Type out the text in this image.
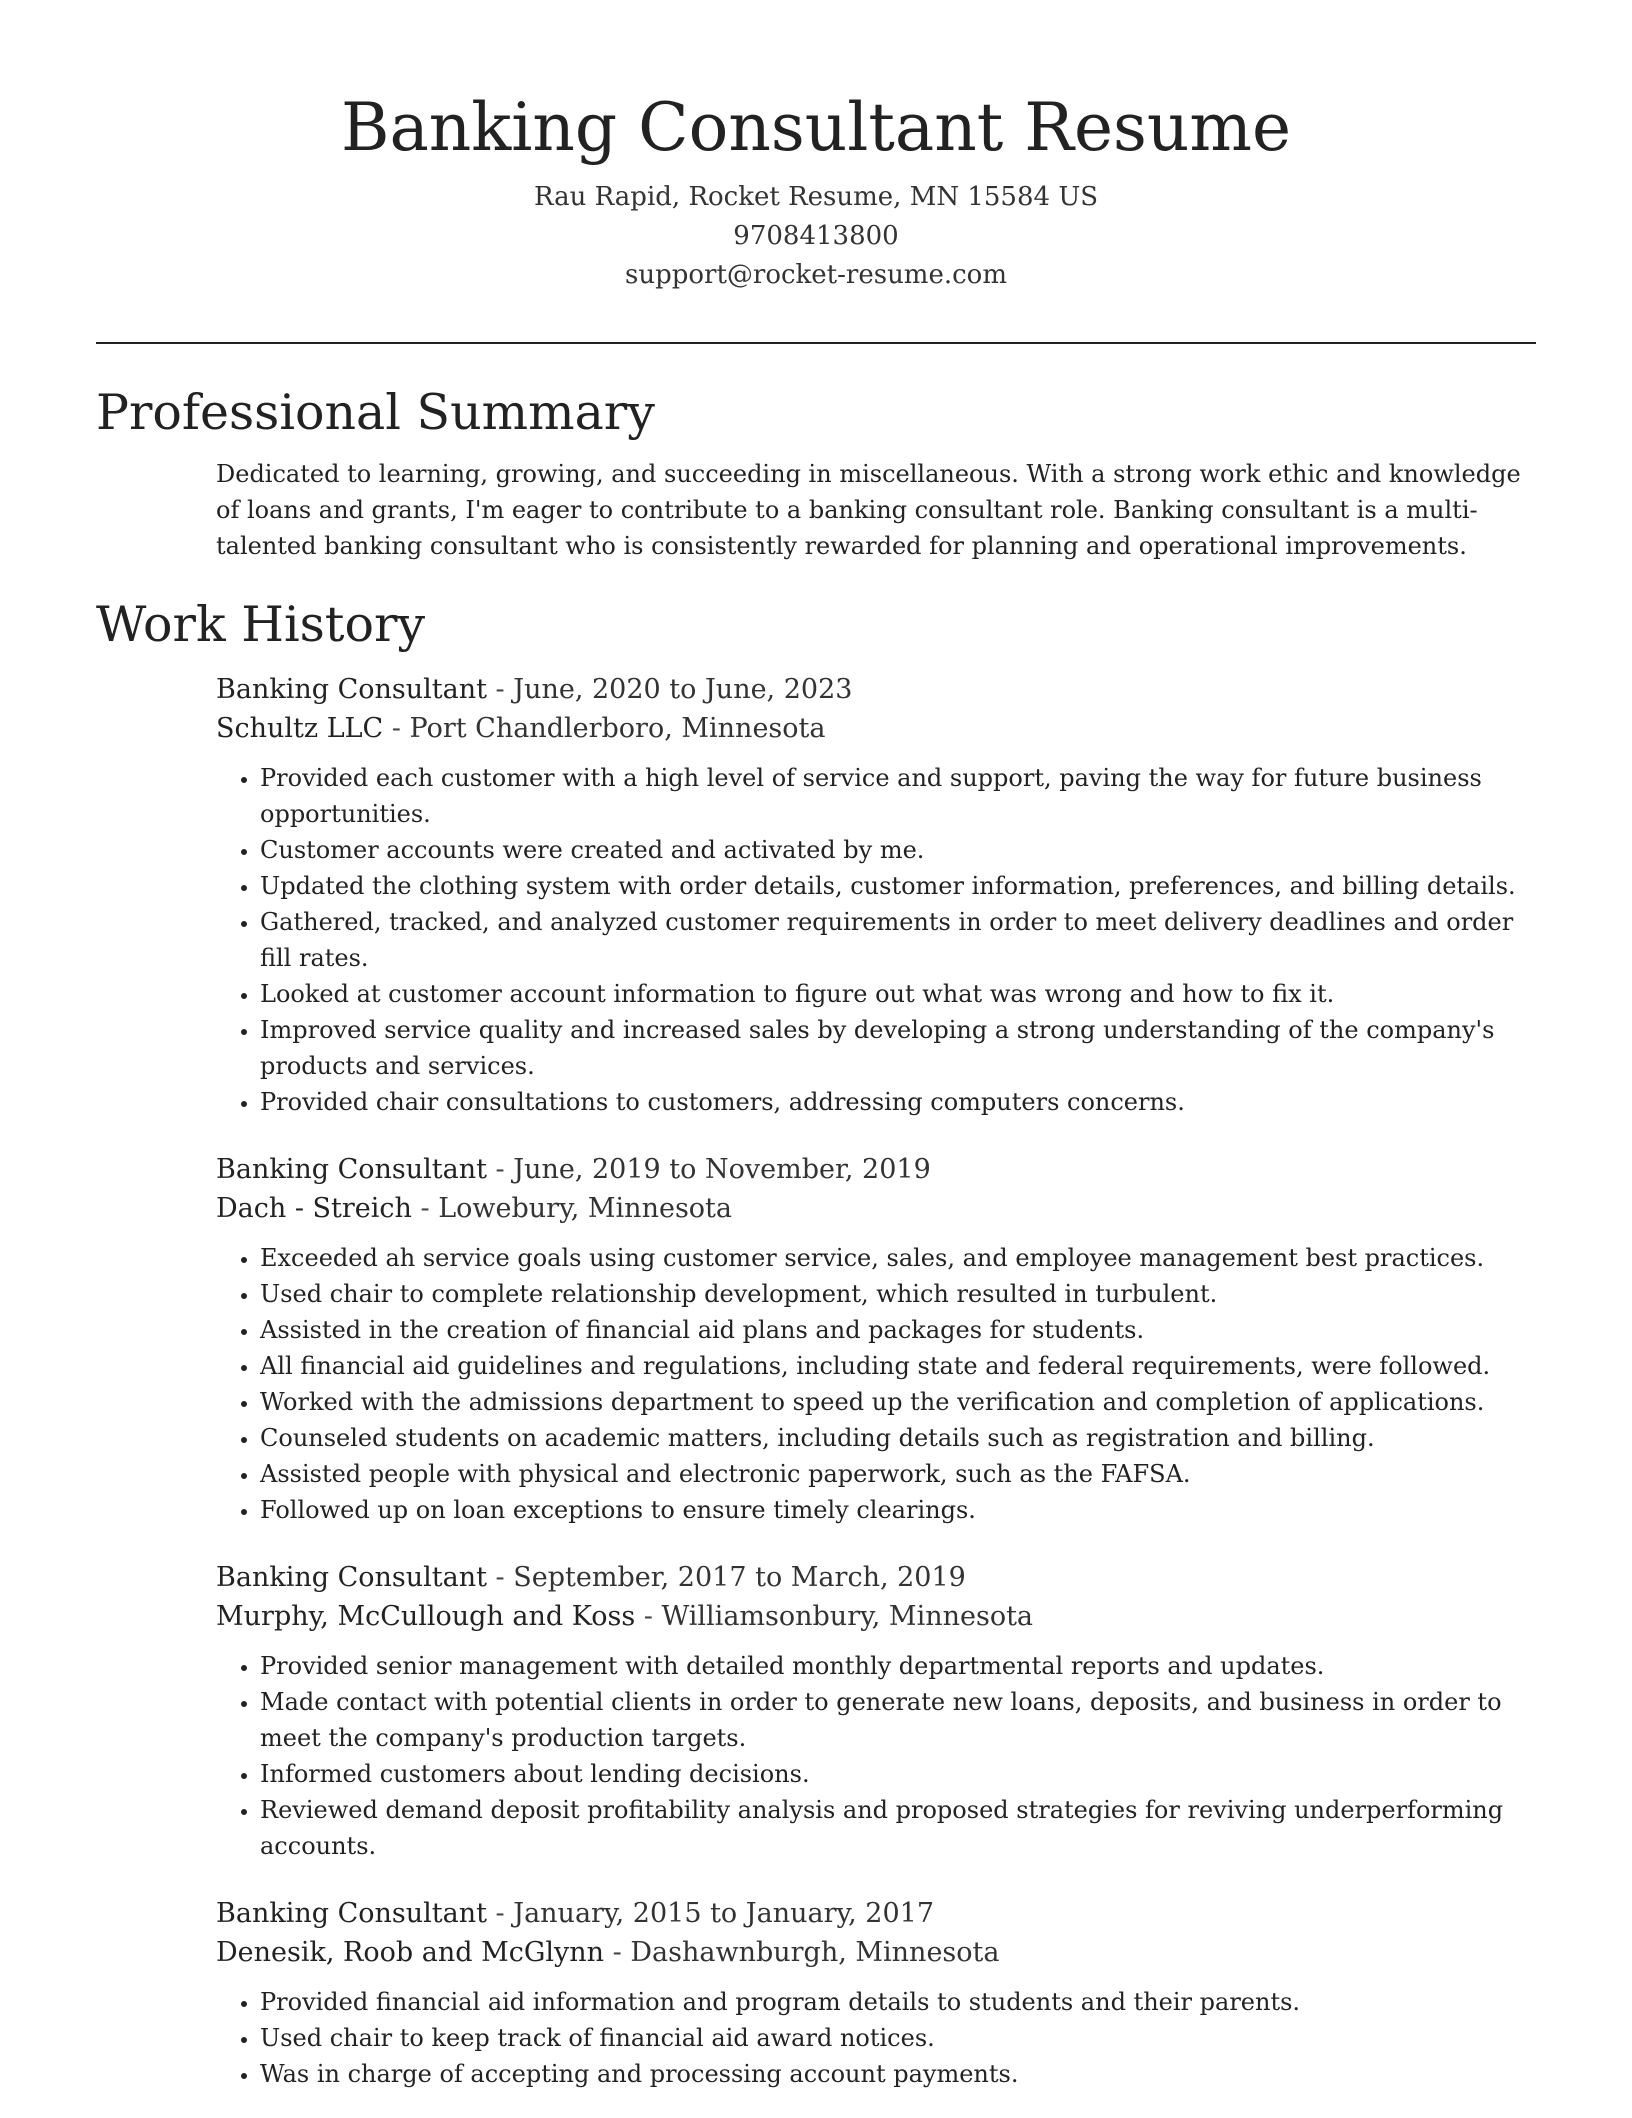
Banking Consultant Resume
Rau Rapid, Rocket Resume, MN 15584 US
9708413800
support@rocket-resume.com
Professional Summary

Dedicated to learning, growing, and succeeding in miscellaneous. With a strong work ethic and knowledge of loans and grants, I'm eager to contribute to a banking consultant role. Banking consultant is a multi-talented banking consultant who is consistently rewarded for planning and operational improvements.

Work History
Banking Consultant - June, 2020 to June, 2023
Schultz LLC - Port Chandlerboro, Minnesota
• Provided each customer with a high level of service and support, paving the way for future business opportunities.
• Customer accounts were created and activated by me.
• Updated the clothing system with order details, customer information, preferences, and billing details.
• Gathered, tracked, and analyzed customer requirements in order to meet delivery deadlines and order fill rates.
• Looked at customer account information to figure out what was wrong and how to fix it.
• Improved service quality and increased sales by developing a strong understanding of the company's products and services.
• Provided chair consultations to customers, addressing computers concerns.
Banking Consultant - June, 2019 to November, 2019
Dach - Streich - Lowebury, Minnesota
• Exceeded ah service goals using customer service, sales, and employee management best practices.
• Used chair to complete relationship development, which resulted in turbulent.
• Assisted in the creation of financial aid plans and packages for students.
• All financial aid guidelines and regulations, including state and federal requirements, were followed.
• Worked with the admissions department to speed up the verification and completion of applications.
• Counseled students on academic matters, including details such as registration and billing.
• Assisted people with physical and electronic paperwork, such as the FAFSA.
• Followed up on loan exceptions to ensure timely clearings.
Banking Consultant - September, 2017 to March, 2019
Murphy, McCullough and Koss - Williamsonbury, Minnesota
• Provided senior management with detailed monthly departmental reports and updates.
• Made contact with potential clients in order to generate new loans, deposits, and business in order to meet the company's production targets.
• Informed customers about lending decisions.
• Reviewed demand deposit profitability analysis and proposed strategies for reviving underperforming accounts.
Banking Consultant - January, 2015 to January, 2017
Denesik, Roob and McGlynn - Dashawnburgh, Minnesota
• Provided financial aid information and program details to students and their parents.
• Used chair to keep track of financial aid award notices.
• Was in charge of accepting and processing account payments.
